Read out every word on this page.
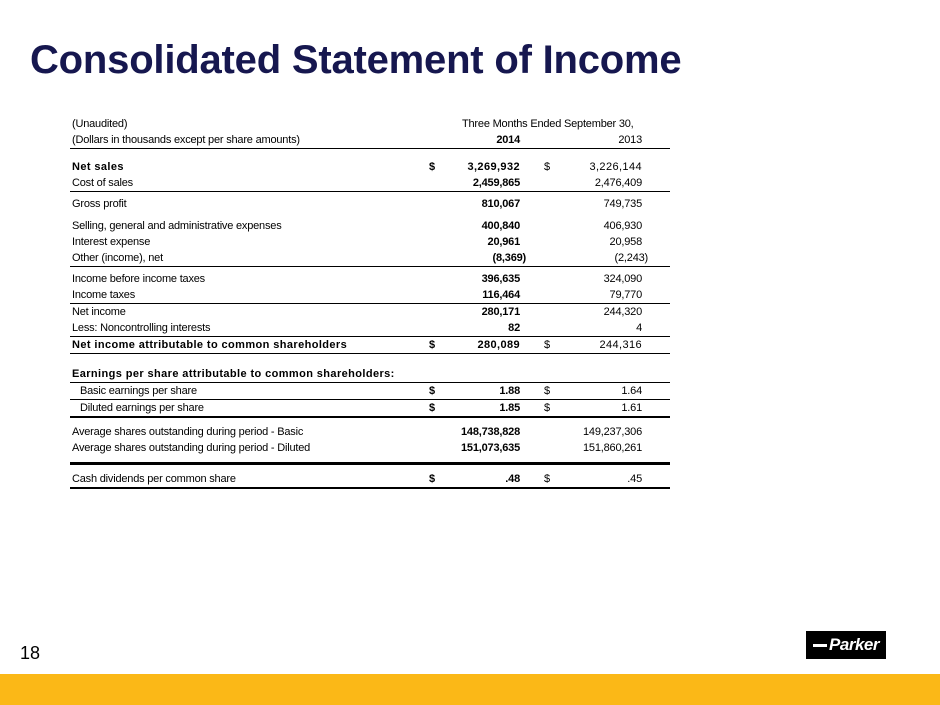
Consolidated Statement of Income
(Unaudited)	Three Months Ended September 30,
(Dollars in thousands except per share amounts)	2014	2013
Net sales	$	3,269,932 $	3,226,144
Cost of sales	2,459,865	2,476,409
Gross profit	810,067	749,735
Selling, general and administrative expenses	400,840	406,930
Interest expense	20,961	20,958
Other (income), net	(8,369)	(2,243)
Income before income taxes	396,635	324,090
Income taxes	116,464	79,770
Net income	280,171	244,320
Less: Noncontrolling interests	82	4
Net income attributable to common shareholders	$	280,089 $	244,316
Earnings per share attributable to common shareholders:
Basic earnings per share	$	1.88 $	1.64
Diluted earnings per share	$	1.85 $	1.61
Average shares outstanding during period - Basic	148,738,828	149,237,306
Average shares outstanding during period - Diluted	151,073,635	151,860,261
Cash dividends per common share	$	.48 $	.45
18	Parker
